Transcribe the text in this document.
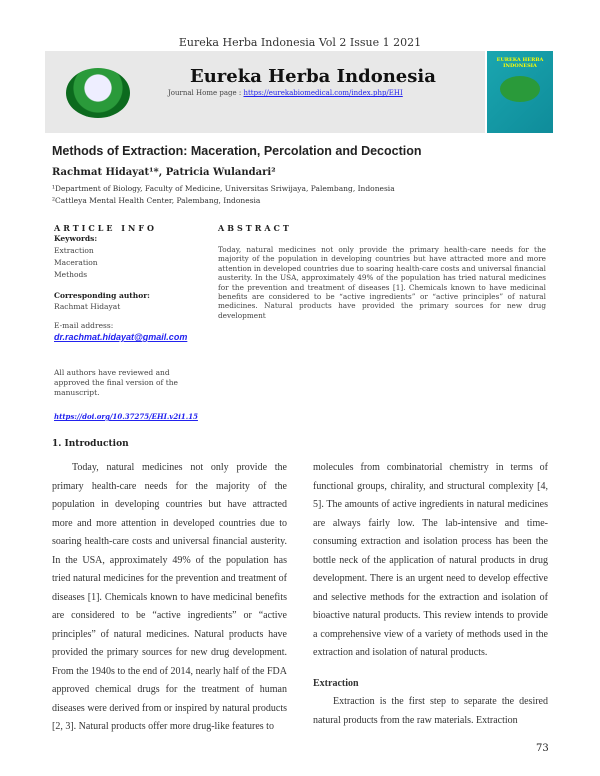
Eureka Herba Indonesia Vol 2 Issue 1 2021
Eureka Herba Indonesia
Journal Home page : https://eurekabiomedical.com/index.php/EHI
EUREKA HERBA INDONESIA
Methods of Extraction: Maceration, Percolation and Decoction
Rachmat Hidayat¹*, Patricia Wulandari²
¹Department of Biology, Faculty of Medicine, Universitas Sriwijaya, Palembang, Indonesia
²Cattleya Mental Health Center, Palembang, Indonesia
ARTICLE INFO
Keywords:
Extraction
Maceration
Methods
Corresponding author:
Rachmat Hidayat
E-mail address:
dr.rachmat.hidayat@gmail.com
All authors have reviewed and approved the final version of the manuscript.
https://doi.org/10.37275/EHI.v2i1.15
ABSTRACT
Today, natural medicines not only provide the primary health-care needs for the majority of the population in developing countries but have attracted more and more attention in developed countries due to soaring health-care costs and universal financial austerity. In the USA, approximately 49% of the population has tried natural medicines for the prevention and treatment of diseases [1]. Chemicals known to have medicinal benefits are considered to be “active ingredients” or “active principles” of natural medicines. Natural products have provided the primary sources for new drug development
1. Introduction

Today, natural medicines not only provide the primary health-care needs for the majority of the population in developing countries but have attracted more and more attention in developed countries due to soaring health-care costs and universal financial austerity. In the USA, approximately 49% of the population has tried natural medicines for the prevention and treatment of diseases [1]. Chemicals known to have medicinal benefits are considered to be “active ingredients” or “active principles” of natural medicines. Natural products have provided the primary sources for new drug development. From the 1940s to the end of 2014, nearly half of the FDA approved chemical drugs for the treatment of human diseases were derived from or inspired by natural products [2, 3]. Natural products offer more drug-like features to

molecules from combinatorial chemistry in terms of functional groups, chirality, and structural complexity [4, 5]. The amounts of active ingredients in natural medicines are always fairly low. The lab-intensive and time-consuming extraction and isolation process has been the bottle neck of the application of natural products in drug development. There is an urgent need to develop effective and selective methods for the extraction and isolation of bioactive natural products. This review intends to provide a comprehensive view of a variety of methods used in the extraction and isolation of natural products.

Extraction

Extraction is the first step to separate the desired natural products from the raw materials. Extraction

73
